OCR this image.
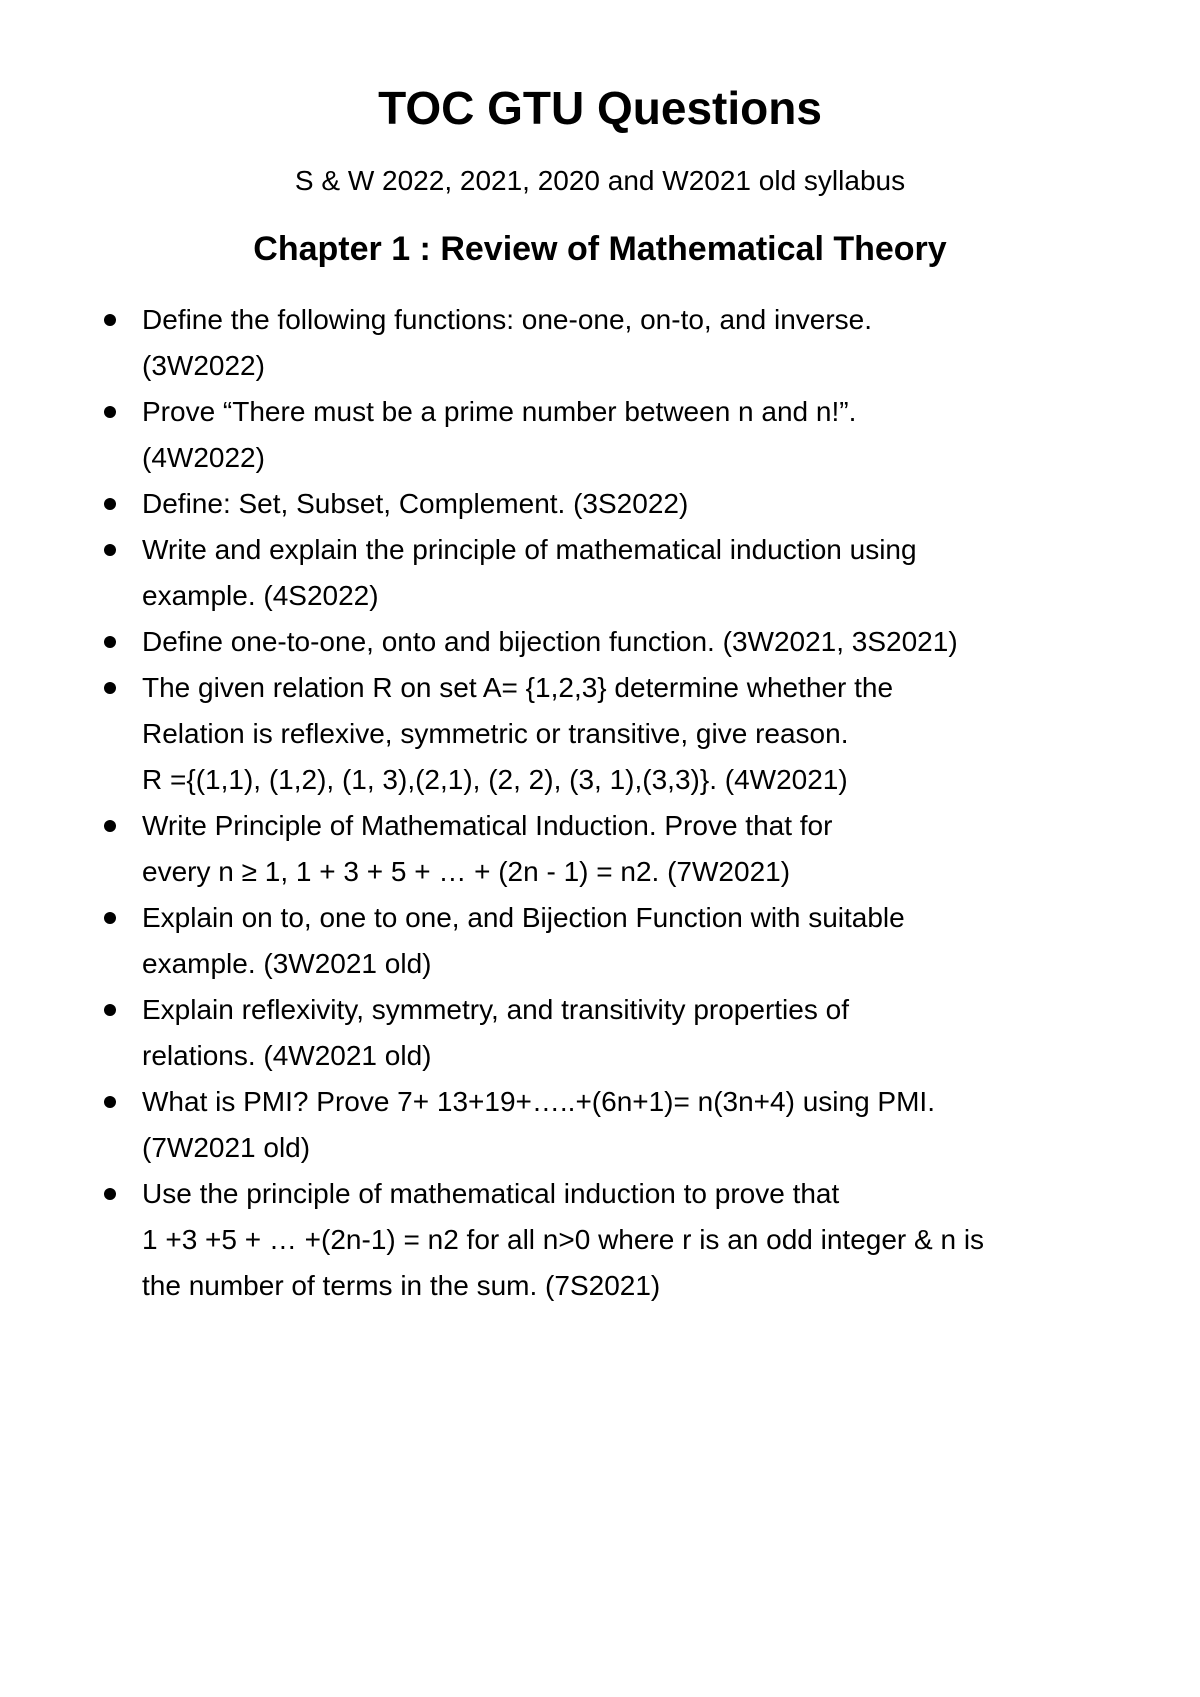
TOC GTU Questions

S & W 2022, 2021, 2020 and W2021 old syllabus

Chapter 1 : Review of Mathematical Theory
Define the following functions: one-one, on-to, and inverse.
(3W2022)
Prove “There must be a prime number between n and n!”.
(4W2022)
Define: Set, Subset, Complement. (3S2022)
Write and explain the principle of mathematical induction using
example. (4S2022)
Define one-to-one, onto and bijection function. (3W2021, 3S2021)
The given relation R on set A= {1,2,3} determine whether the
Relation is reflexive, symmetric or transitive, give reason.
R ={(1,1), (1,2), (1, 3),(2,1), (2, 2), (3, 1),(3,3)}. (4W2021)
Write Principle of Mathematical Induction. Prove that for
every n ≥ 1, 1 + 3 + 5 + … + (2n - 1) = n2. (7W2021)
Explain on to, one to one, and Bijection Function with suitable
example. (3W2021 old)
Explain reflexivity, symmetry, and transitivity properties of
relations. (4W2021 old)
What is PMI? Prove 7+ 13+19+…..+(6n+1)= n(3n+4) using PMI.
(7W2021 old)
Use the principle of mathematical induction to prove that
1 +3 +5 + … +(2n-1) = n2 for all n>0 where r is an odd integer & n is
the number of terms in the sum. (7S2021)
